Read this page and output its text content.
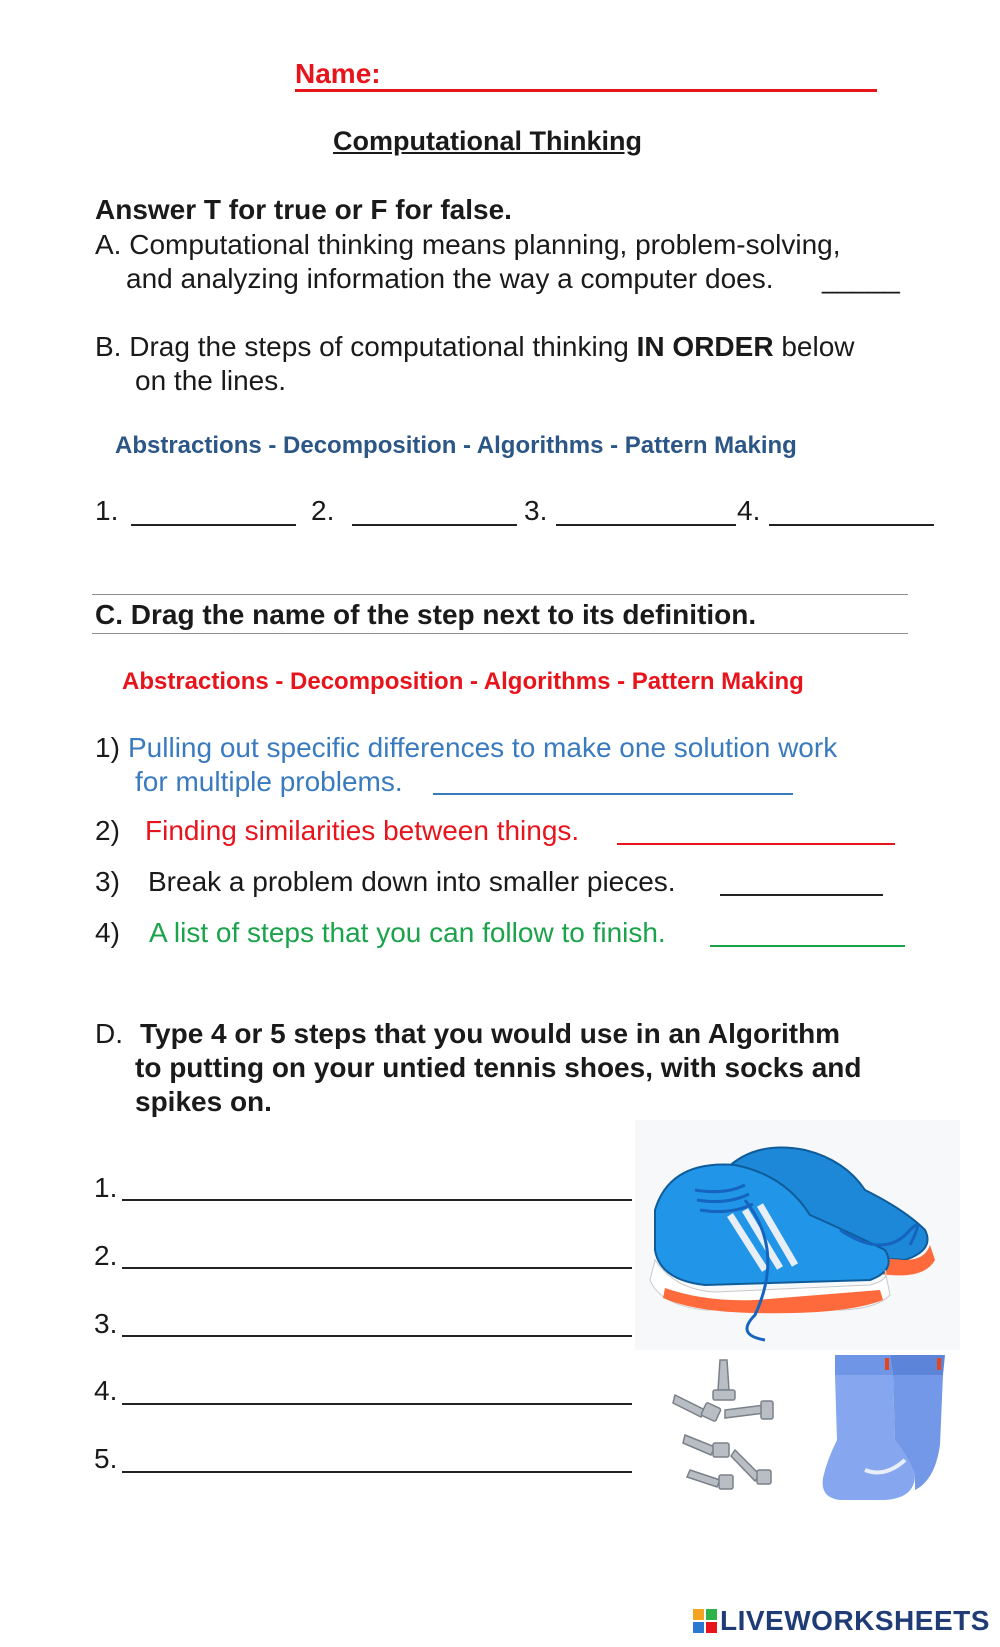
Name:
Computational Thinking
Answer T for true or F for false.
A. Computational thinking means planning, problem-solving,
and analyzing information the way a computer does. _____
B. Drag the steps of computational thinking IN ORDER below
on the lines.
Abstractions - Decomposition - Algorithms - Pattern Making
1.	2.	3.	4.
C. Drag the name of the step next to its definition.
Abstractions - Decomposition - Algorithms - Pattern Making
1) Pulling out specific differences to make one solution work
for multiple problems.
2) Finding similarities between things.
3) Break a problem down into smaller pieces.
4) A list of steps that you can follow to finish.
D. Type 4 or 5 steps that you would use in an Algorithm
to putting on your untied tennis shoes, with socks and
spikes on.
1.
2.
3.
4.
5.
LIVEWORKSHEETS
